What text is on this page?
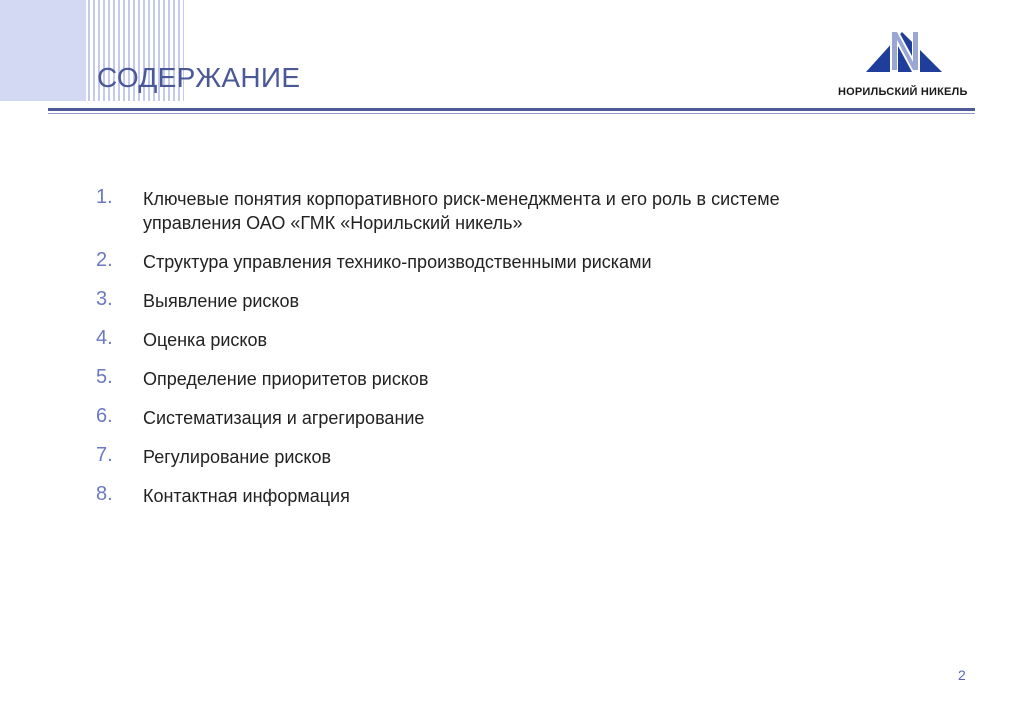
СОДЕРЖАНИЕ	НОРИЛЬСКИЙ НИКЕЛЬ
1.	Ключевые понятия корпоративного риск-менеджмента и его роль в системе управления ОАО «ГМК «Норильский никель»
2.	Структура управления технико-производственными рисками
3.	Выявление рисков
4.	Оценка рисков
5.	Определение приоритетов рисков
6.	Систематизация и агрегирование
7.	Регулирование рисков
8.	Контактная информация
2
